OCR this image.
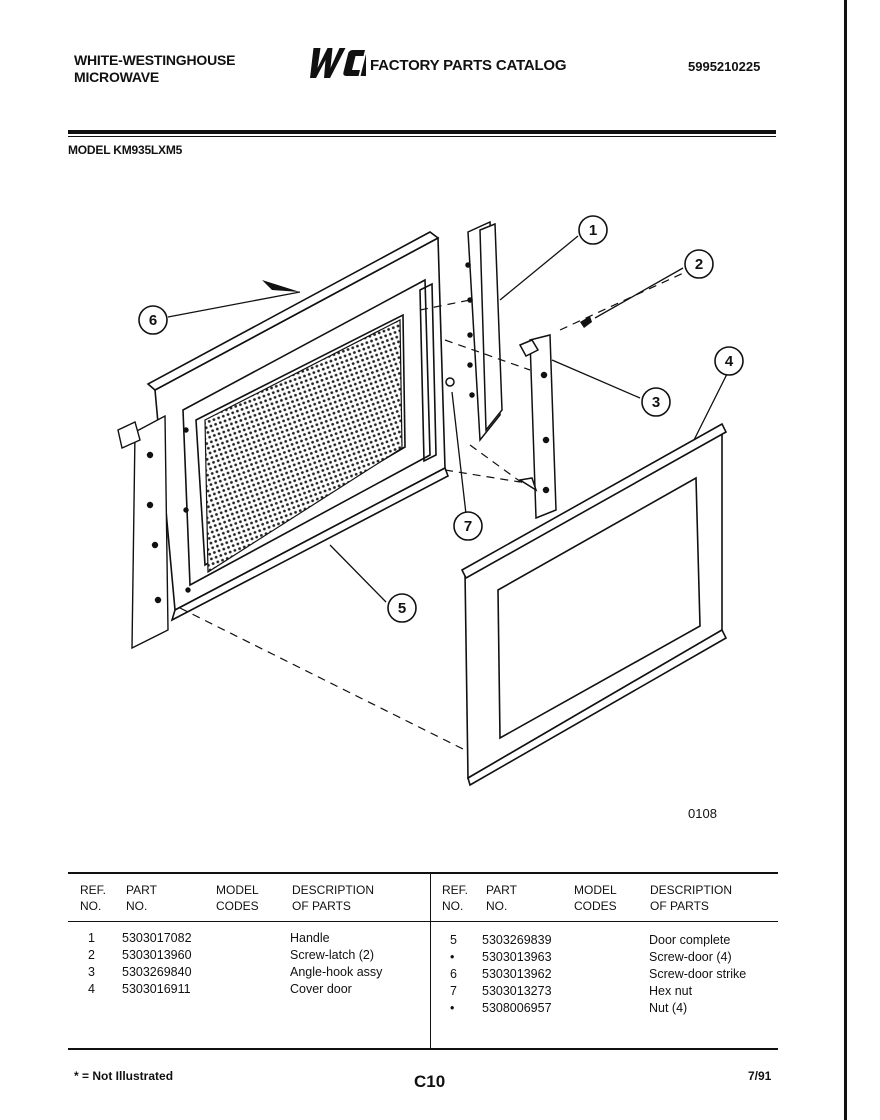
WHITE-WESTINGHOUSE
MICROWAVE
FACTORY PARTS CATALOG	5995210225
MODEL KM935LXM5
1
2
3
4
5
6
7
0108
REF.
NO.
PART
NO.
MODEL
CODES
DESCRIPTION
OF PARTS
REF.
NO.
PART
NO.
MODEL
CODES
DESCRIPTION
OF PARTS
1 5303017082	Handle
2 5303013960	Screw-latch (2)
3 5303269840	Angle-hook assy
4 5303016911	Cover door
5 5303269839	Door complete
• 5303013963	Screw-door (4)
6 5303013962	Screw-door strike
7 5303013273	Hex nut
• 5308006957	Nut (4)
* = Not Illustrated	C10	7/91
